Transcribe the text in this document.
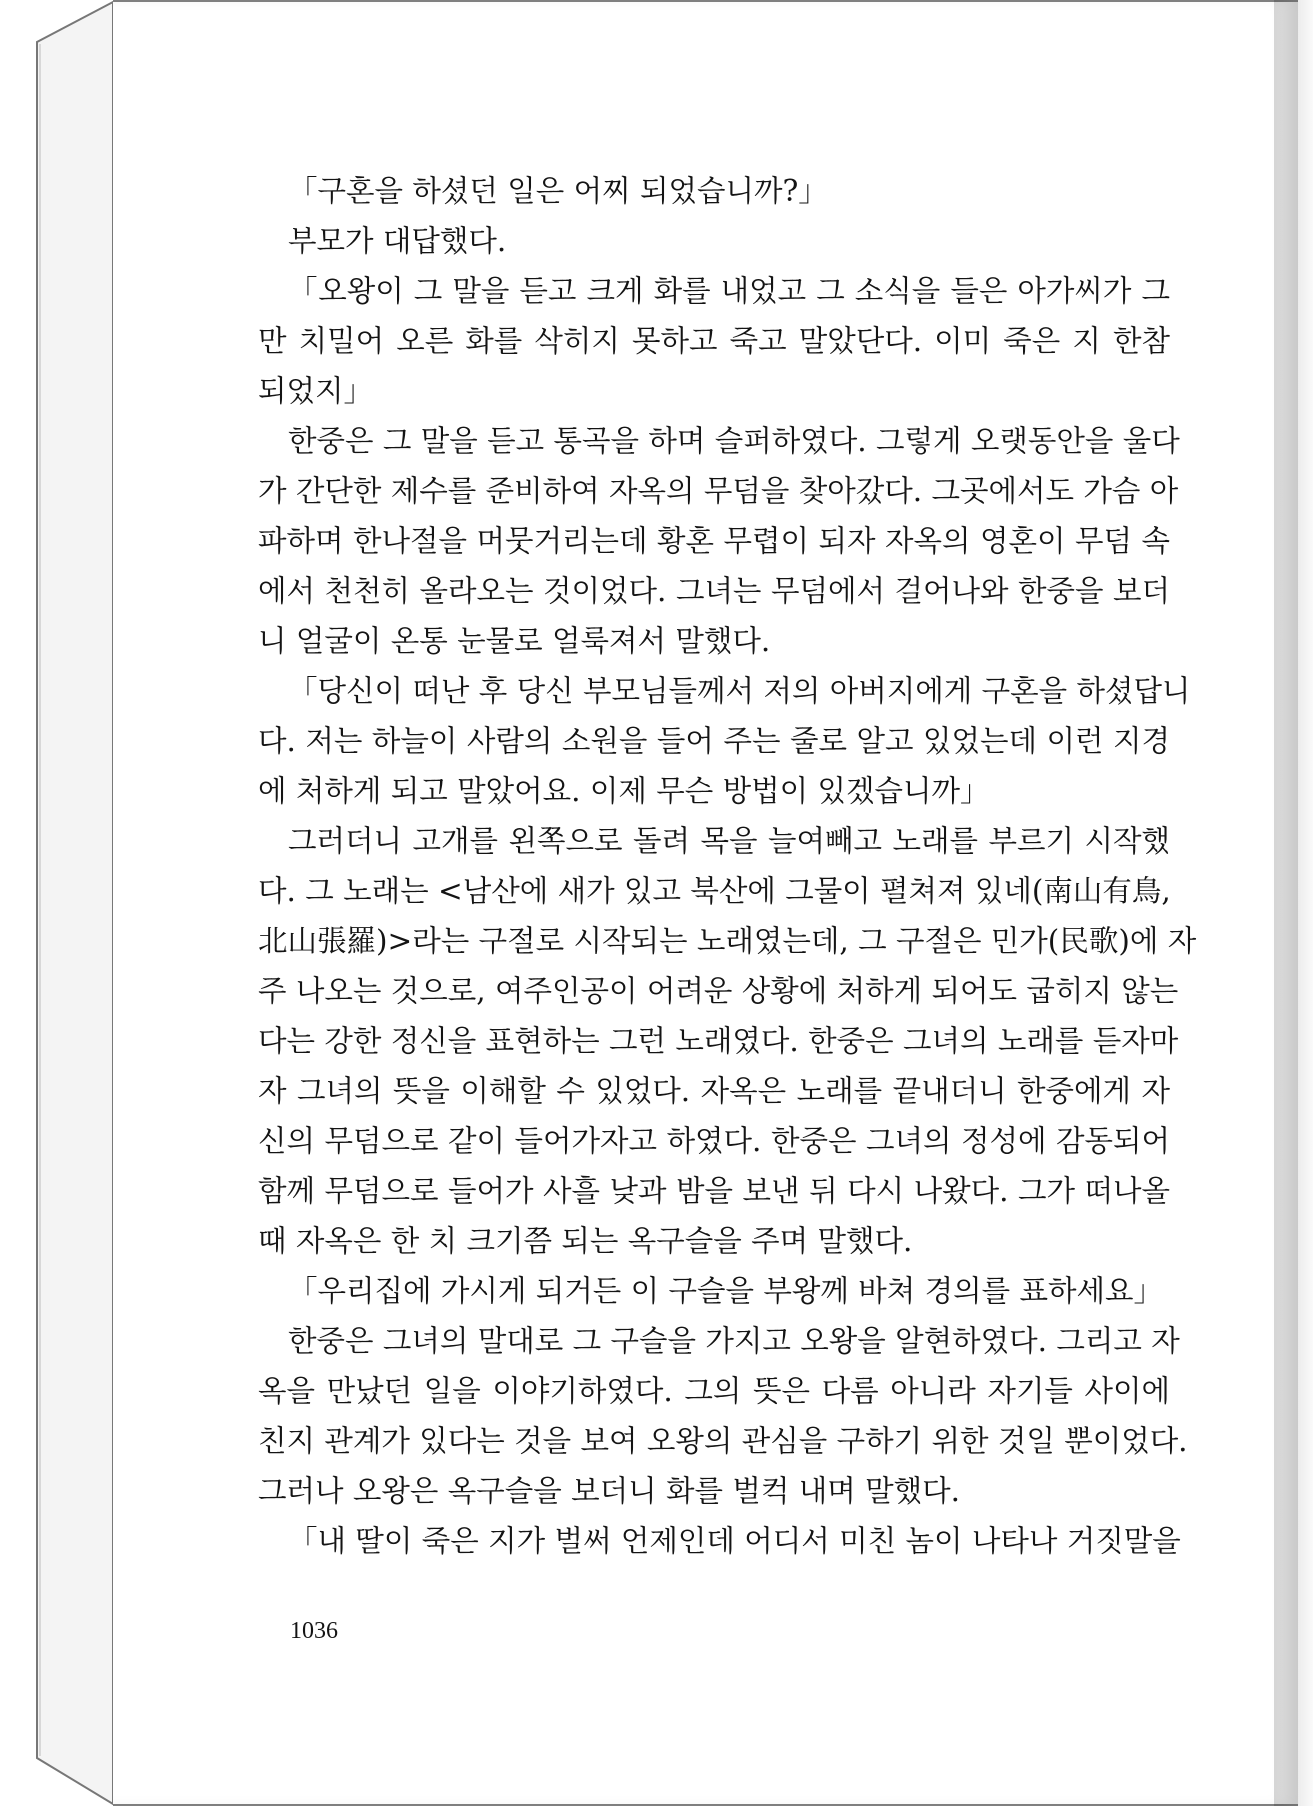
「구혼을 하셨던 일은 어찌 되었습니까?」
부모가 대답했다.
「오왕이 그 말을 듣고 크게 화를 내었고 그 소식을 들은 아가씨가 그
만 치밀어 오른 화를 삭히지 못하고 죽고 말았단다. 이미 죽은 지 한참
되었지」
한중은 그 말을 듣고 통곡을 하며 슬퍼하였다. 그렇게 오랫동안을 울다
가 간단한 제수를 준비하여 자옥의 무덤을 찾아갔다. 그곳에서도 가슴 아
파하며 한나절을 머뭇거리는데 황혼 무렵이 되자 자옥의 영혼이 무덤 속
에서 천천히 올라오는 것이었다. 그녀는 무덤에서 걸어나와 한중을 보더
니 얼굴이 온통 눈물로 얼룩져서 말했다.
「당신이 떠난 후 당신 부모님들께서 저의 아버지에게 구혼을 하셨답니
다. 저는 하늘이 사람의 소원을 들어 주는 줄로 알고 있었는데 이런 지경
에 처하게 되고 말았어요. 이제 무슨 방법이 있겠습니까」
그러더니 고개를 왼쪽으로 돌려 목을 늘여빼고 노래를 부르기 시작했
다. 그 노래는 <남산에 새가 있고 북산에 그물이 펼쳐져 있네(南山有鳥,
北山張羅)>라는 구절로 시작되는 노래였는데, 그 구절은 민가(民歌)에 자
주 나오는 것으로, 여주인공이 어려운 상황에 처하게 되어도 굽히지 않는
다는 강한 정신을 표현하는 그런 노래였다. 한중은 그녀의 노래를 듣자마
자 그녀의 뜻을 이해할 수 있었다. 자옥은 노래를 끝내더니 한중에게 자
신의 무덤으로 같이 들어가자고 하였다. 한중은 그녀의 정성에 감동되어
함께 무덤으로 들어가 사흘 낮과 밤을 보낸 뒤 다시 나왔다. 그가 떠나올
때 자옥은 한 치 크기쯤 되는 옥구슬을 주며 말했다.
「우리집에 가시게 되거든 이 구슬을 부왕께 바쳐 경의를 표하세요」
한중은 그녀의 말대로 그 구슬을 가지고 오왕을 알현하였다. 그리고 자
옥을 만났던 일을 이야기하였다. 그의 뜻은 다름 아니라 자기들 사이에
친지 관계가 있다는 것을 보여 오왕의 관심을 구하기 위한 것일 뿐이었다.
그러나 오왕은 옥구슬을 보더니 화를 벌컥 내며 말했다.
「내 딸이 죽은 지가 벌써 언제인데 어디서 미친 놈이 나타나 거짓말을
1036
